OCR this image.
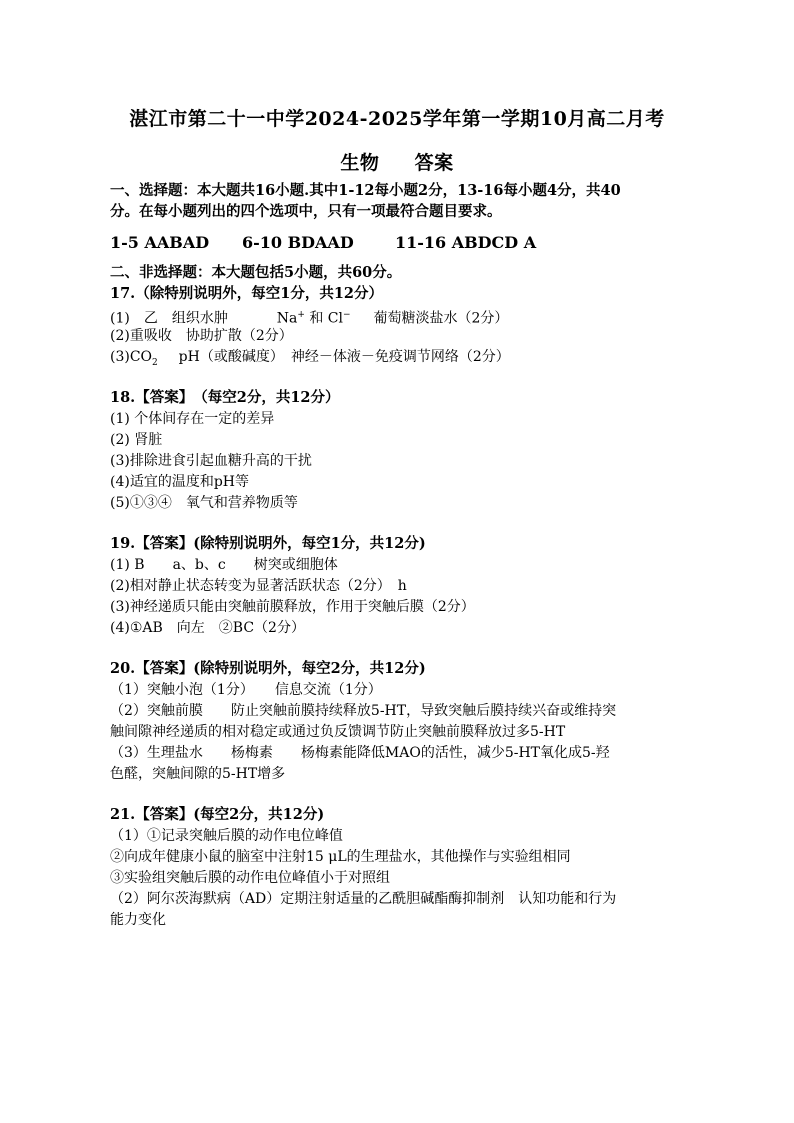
湛江市第二十一中学2024-2025学年第一学期10月高二月考
生物 答案
一、选择题：本大题共16小题.其中1-12每小题2分，13-16每小题4分，共40
分。在每小题列出的四个选项中，只有一项最符合题目要求。
1-5 AABAD 6-10 BDAAD	11-16 ABDCD A
二、非选择题：本大题包括5小题，共60分。
17.（除特别说明外，每空1分，共12分）
(1)　乙　组织水肿	Na+ 和 Cl− 葡萄糖淡盐水（2分）
(2)重吸收　协助扩散（2分）
$(3)CO_2$ pH（或酸碱度）　神经－体液－免疫调节网络（2分）
18.【答案】　（每空2分，共12分）
(1) 个体间存在一定的差异
(2) 肾脏
(3)排除进食引起血糖升高的干扰
(4)适宜的温度和pH等
(5)①③④　氧气和营养物质等
19.【答案】(除特别说明外，每空1分，共12分)
(1) B　　a、b、c　　树突或细胞体
(2)相对静止状态转变为显著活跃状态（2分）　h
(3)神经递质只能由突触前膜释放，作用于突触后膜（2分）
(4)①AB　向左　②BC（2分）
20.【答案】(除特别说明外，每空2分，共12分)
（1）突触小泡（1分）　　信息交流（1分）
（2）突触前膜　　防止突触前膜持续释放5-HT，导致突触后膜持续兴奋或维持突
触间隙神经递质的相对稳定或通过负反馈调节防止突触前膜释放过多5-HT
（3）生理盐水　　杨梅素　　杨梅素能降低MAO的活性，减少5-HT氧化成5-羟
色醛，突触间隙的5-HT增多
21.【答案】(每空2分，共12分)
（1）①记录突触后膜的动作电位峰值
②向成年健康小鼠的脑室中注射15 μL的生理盐水，其他操作与实验组相同
③实验组突触后膜的动作电位峰值小于对照组
（2）阿尔茨海默病（AD）定期注射适量的乙酰胆碱酯酶抑制剂　认知功能和行为
能力变化
